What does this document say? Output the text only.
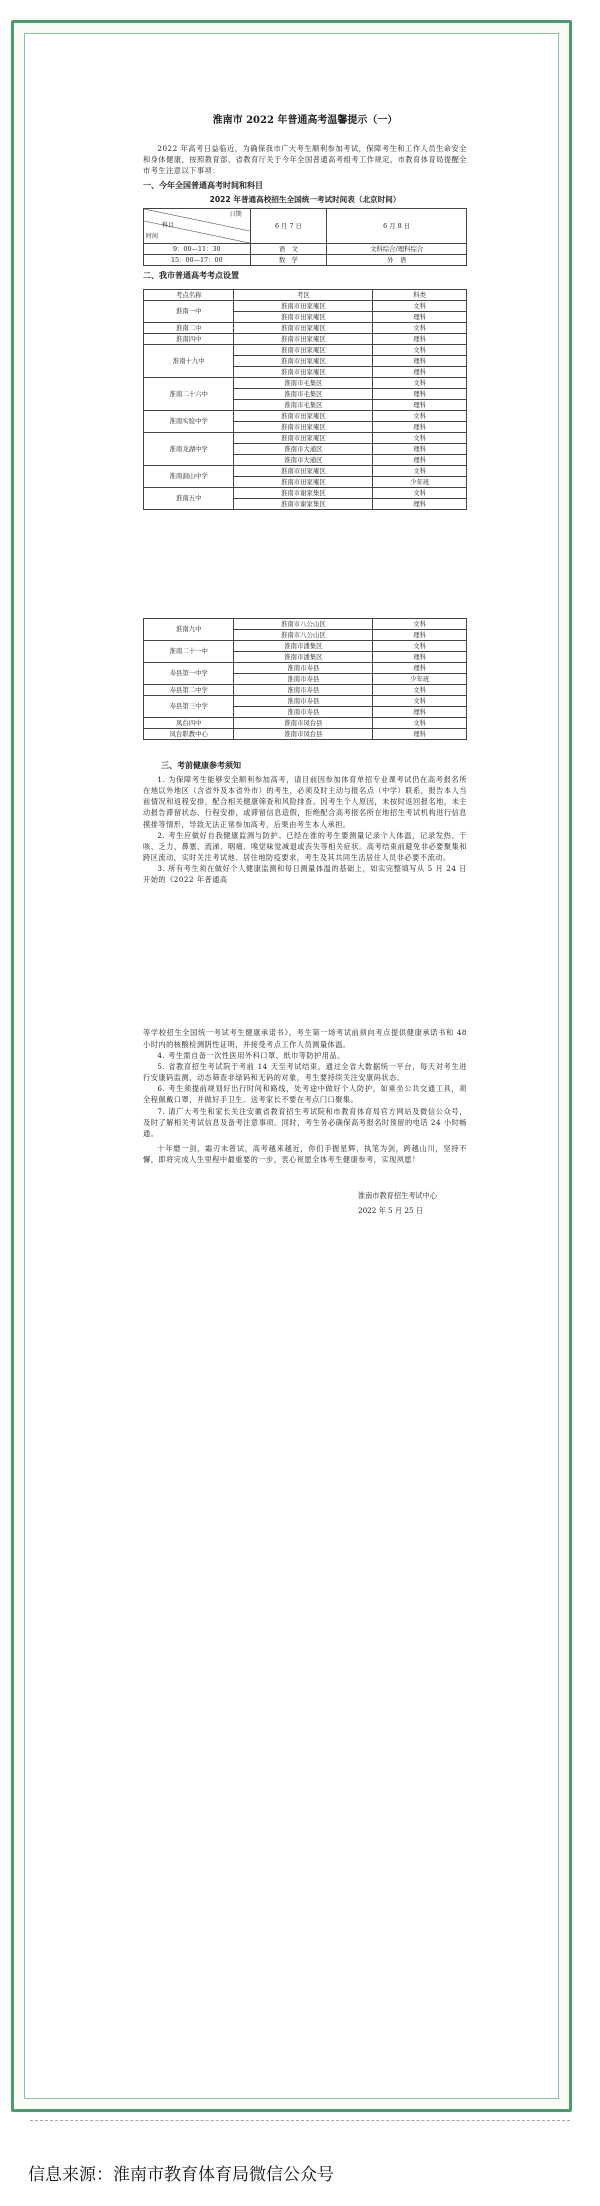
淮南市 2022 年普通高考温馨提示（一）

2022 年高考日益临近，为确保我市广大考生顺利参加考试，保障考生和工作人员生命安全和身体健康，按照教育部、省教育厅关于今年全国普通高考组考工作规定，市教育体育局提醒全市考生注意以下事项：

一、今年全国普通高考时间和科目
2022 年普通高校招生全国统一考试时间表（北京时间）
日期
科目
时间	6 月 7 日	6 月 8 日
9：00—11：30	语　文	文科综合/理科综合
15：00—17：00	数　学	外　语
二、我市普通高考考点设置
考点名称	考区	科类
淮南一中	淮南市田家庵区	文科
	淮南市田家庵区	理科
淮南二中	淮南市田家庵区	文科
淮南四中	淮南市田家庵区	理科
淮南十九中	淮南市田家庵区	文科
	淮南市田家庵区	理科
	淮南市田家庵区	理科
淮南二十六中	淮南市毛集区	文科
	淮南市毛集区	理科
	淮南市毛集区	理科
淮南实验中学	淮南市田家庵区	文科
	淮南市田家庵区	理科
淮南龙湖中学	淮南市田家庵区	文科
	淮南市大通区	理科
	淮南市大通区	理科
淮南洞山中学	淮南市田家庵区	文科
	淮南市田家庵区	少年班
淮南五中	淮南市谢家集区	文科
	淮南市谢家集区	理科
淮南九中	淮南市八公山区	文科
	淮南市八公山区	理科
淮南二十一中	淮南市潘集区	文科
	淮南市潘集区	理科
寿县第一中学	淮南市寿县	理科
	淮南市寿县	少年班
寿县第二中学	淮南市寿县	文科
寿县第三中学	淮南市寿县	文科
	淮南市寿县	理科
凤台四中	淮南市凤台县	文科
凤台职教中心	淮南市凤台县	理科
三、考前健康参考须知

1. 为保障考生能够安全顺利参加高考，请目前因参加体育单招专业课考试仍在高考报名所在地以外地区（含省外及本省外市）的考生，必须及时主动与报名点（中学）联系，报告本人当前情况和返程安排，配合相关健康筛查和风险排查。因考生个人原因，未按时返回报名地，未主动报告滞留状态、行程安排，或滞留信息造假，拒绝配合高考报名所在地招生考试机构进行信息摸排等情形，导致无法正常参加高考，后果由考生本人承担。

2. 考生应做好自我健康监测与防护。已经在淮的考生要测量记录个人体温，记录发热、干咳、乏力、鼻塞、流涕、咽痛、嗅觉味觉减退或丧失等相关症状。高考结束前避免非必要聚集和跨区流动，实时关注考试地、居住地防疫要求，考生及其共同生活居住人员非必要不流动。

3. 所有考生须在做好个人健康监测和每日测量体温的基础上，如实完整填写从 5 月 24 日开始的《2022 年普通高

等学校招生全国统一考试考生健康承诺书》，考生第一场考试前须向考点提供健康承诺书和 48 小时内的核酸检测阴性证明，并接受考点工作人员测量体温。

4. 考生需自备一次性医用外科口罩、纸巾等防护用品。

5. 省教育招生考试院于考前 14 天至考试结束，通过全省大数据统一平台，每天对考生进行安康码监测，动态筛查非绿码和无码的对象，考生要持续关注安康码状态。

6. 考生须提前规划好出行时间和路线，处考途中做好个人防护，如乘坐公共交通工具，须全程佩戴口罩，并做好手卫生。送考家长不要在考点门口聚集。

7. 请广大考生和家长关注安徽省教育招生考试院和市教育体育局官方网站及微信公众号，及时了解相关考试信息及备考注意事项。同时，考生务必确保高考报名时预留的电话 24 小时畅通。

十年磨一剑，霜刃未曾试，高考越来越近，你们手握星辉，执笔为剑，跨越山川，坚持不懈，即将完成人生里程中最重要的一步，衷心祝愿全体考生健康参考，实现夙愿！

淮南市教育招生考试中心
2022 年 5 月 25 日
信息来源：淮南市教育体育局微信公众号
